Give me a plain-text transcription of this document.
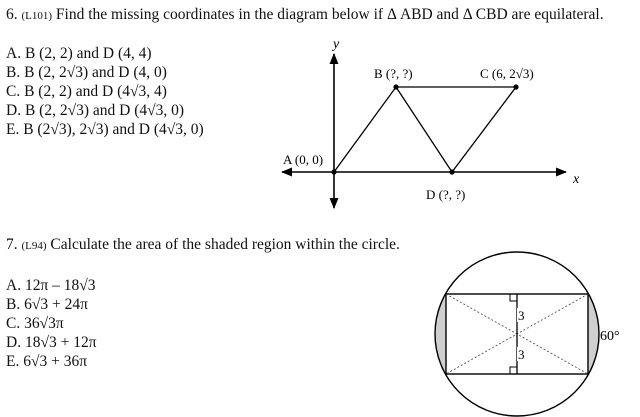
6. (L101) Find the missing coordinates in the diagram below if Δ ABD and Δ CBD are equilateral.
A. B (2, 2) and D (4, 4)
B. B (2, 2√3) and D (4, 0)
C. B (2, 2) and D (4√3, 4)
D. B (2, 2√3) and D (4√3, 0)
E. B (2√3), 2√3) and D (4√3, 0)
y
x
B (?, ?)	C (6, 2√3)
A (0, 0)
D (?, ?)
7. (L94) Calculate the area of the shaded region within the circle.
A. 12π – 18√3
B. 6√3 + 24π
C. 36√3π
D. 18√3 + 12π
E. 6√3 + 36π
3
3
60°
